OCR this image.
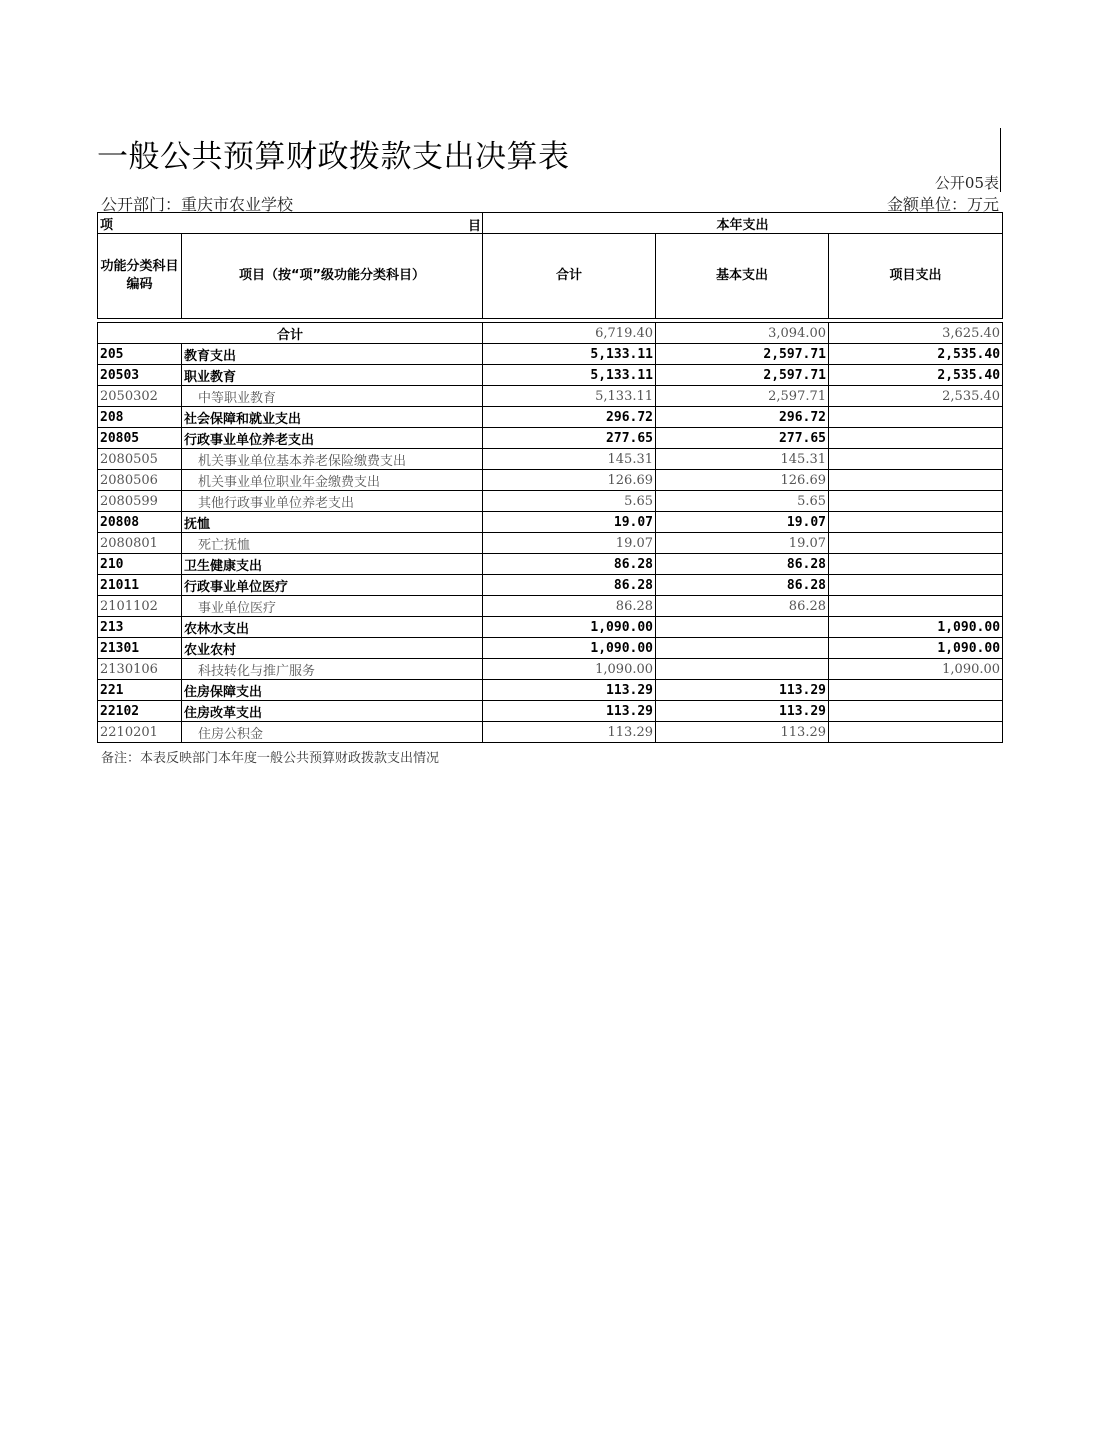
一般公共预算财政拨款支出决算表
公开05表
公开部门：重庆市农业学校	金额单位：万元
项 目		本年支出		
功能分类科目编码	项目（按“项”级功能分类科目）	合计	基本支出	项目支出

合计		6,719.40	3,094.00	3,625.40
205	教育支出	5,133.11	2,597.71	2,535.40
20503	职业教育	5,133.11	2,597.71	2,535.40
2050302	中等职业教育	5,133.11	2,597.71	2,535.40
208	社会保障和就业支出	296.72	296.72	
20805	行政事业单位养老支出	277.65	277.65	
2080505	机关事业单位基本养老保险缴费支出	145.31	145.31	
2080506	机关事业单位职业年金缴费支出	126.69	126.69	
2080599	其他行政事业单位养老支出	5.65	5.65	
20808	抚恤	19.07	19.07	
2080801	死亡抚恤	19.07	19.07	
210	卫生健康支出	86.28	86.28	
21011	行政事业单位医疗	86.28	86.28	
2101102	事业单位医疗	86.28	86.28	
213	农林水支出	1,090.00		1,090.00
21301	农业农村	1,090.00		1,090.00
2130106	科技转化与推广服务	1,090.00		1,090.00
221	住房保障支出	113.29	113.29	
22102	住房改革支出	113.29	113.29	
2210201	住房公积金	113.29	113.29	
备注：本表反映部门本年度一般公共预算财政拨款支出情况
